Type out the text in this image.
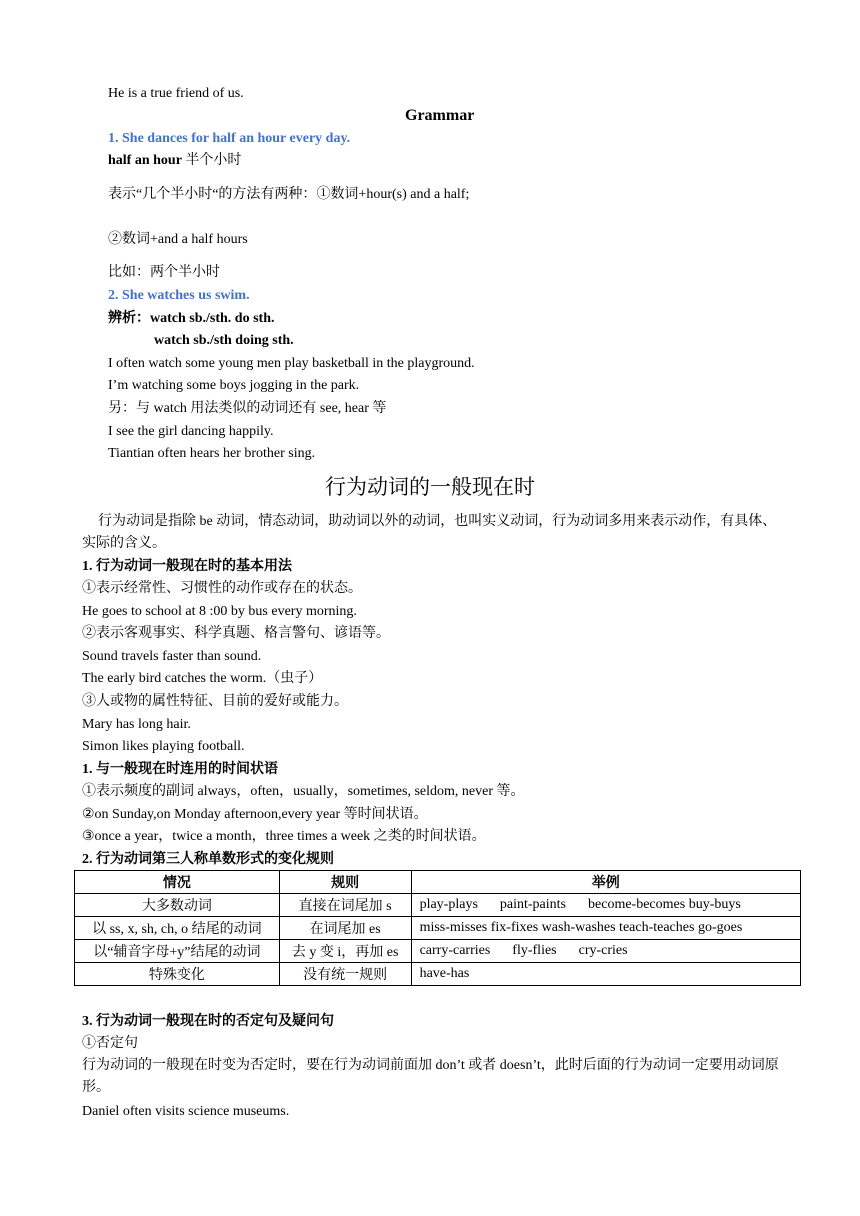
He is a true friend of us.
Grammar
1. She dances for half an hour every day.
half an hour 半个小时
表示“几个半小时“的方法有两种：①数词+hour(s) and a half;
②数词+and a half hours
比如：两个半小时
2. She watches us swim.
辨析：watch sb./sth. do sth.
watch sb./sth doing sth.
I often watch some young men play basketball in the playground.
I’m watching some boys jogging in the park.
另：与 watch 用法类似的动词还有 see, hear 等
I see the girl dancing happily.
Tiantian often hears her brother sing.
行为动词的一般现在时
行为动词是指除 be 动词，情态动词，助动词以外的动词，也叫实义动词，行为动词多用来表示动作，有具体、实际的含义。
1. 行为动词一般现在时的基本用法
①表示经常性、习惯性的动作或存在的状态。
He goes to school at 8 :00 by bus every morning.
②表示客观事实、科学真题、格言警句、谚语等。
Sound travels faster than sound.
The early bird catches the worm.（虫子）
③人或物的属性特征、目前的爱好或能力。
Mary has long hair.
Simon likes playing football.
1. 与一般现在时连用的时间状语
①表示频度的副词 always，often，usually，sometimes, seldom, never 等。
②on Sunday,on Monday afternoon,every year 等时间状语。
③once a year，twice a month，three times a week 之类的时间状语。
2. 行为动词第三人称单数形式的变化规则
情况	规则	举例
大多数动词	直接在词尾加 s	play-plays paint-paints become-becomes buy-buys
以 ss, x, sh, ch, o 结尾的动词	在词尾加 es	miss-misses fix-fixes wash-washes teach-teaches go-goes
以“辅音字母+y”结尾的动词	去 y 变 i，再加 es	carry-carries fly-flies cry-cries
特殊变化	没有统一规则	have-has
3. 行为动词一般现在时的否定句及疑问句
①否定句
行为动词的一般现在时变为否定时，要在行为动词前面加 don’t 或者 doesn’t，此时后面的行为动词一定要用动词原形。
Daniel often visits science museums.
